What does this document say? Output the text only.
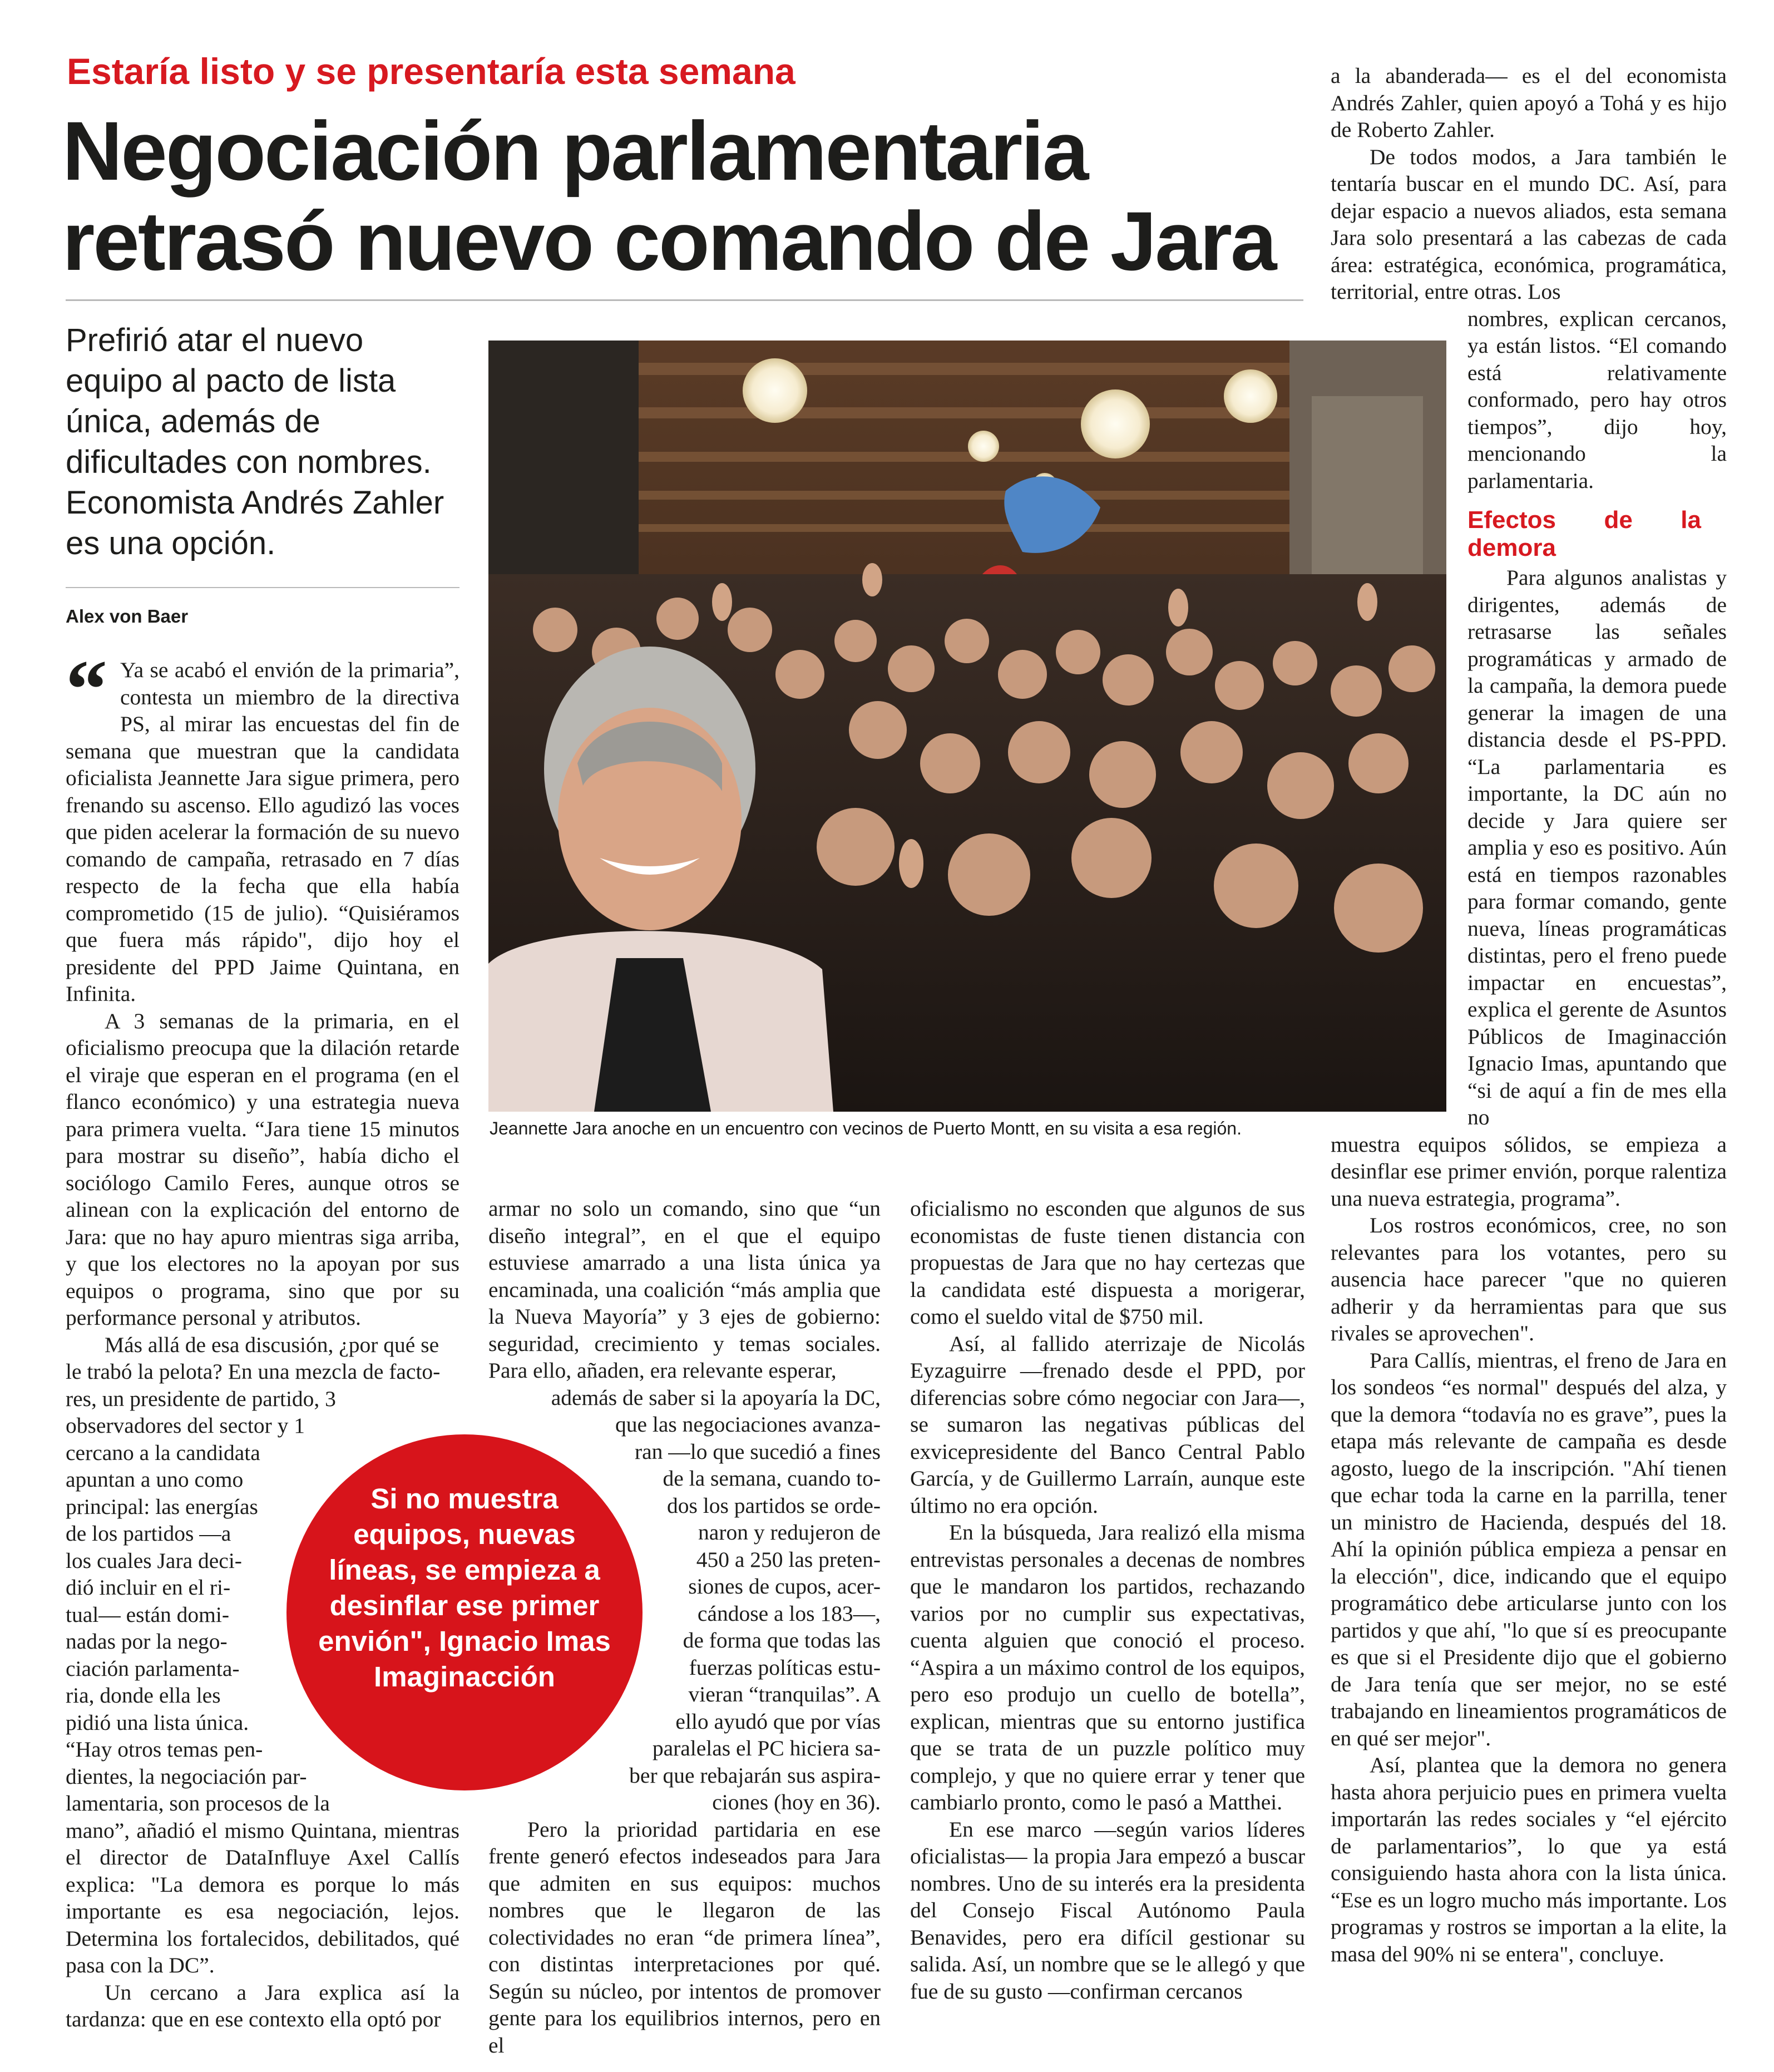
Estaría listo y se presentaría esta semana
Negociación parlamentaria
retrasó nuevo comando de Jara
Prefirió atar el nuevo equipo al pacto de lista única, además de dificultades con nombres. Economista Andrés Zahler es una opción.
Alex von Baer
Jeannette Jara anoche en un encuentro con vecinos de Puerto Montt, en su visita a esa región.

“ Ya se acabó el envión de la primaria”, contesta un miembro de la directiva PS, al mirar las encuestas del fin de semana que muestran que la candidata oficialista Jeannette Jara sigue primera, pero frenando su ascenso. Ello agudizó las voces que piden acelerar la formación de su nuevo comando de campaña, retrasado en 7 días respecto de la fecha que ella había comprometido (15 de julio). “Quisiéramos que fuera más rápido", dijo hoy el presidente del PPD Jaime Quintana, en Infinita.

A 3 semanas de la primaria, en el oficialismo preocupa que la dilación retarde el viraje que esperan en el programa (en el flanco económico) y una estrategia nueva para primera vuelta. “Jara tiene 15 minutos para mostrar su diseño”, había dicho el sociólogo Camilo Feres, aunque otros se alinean con la explicación del entorno de Jara: que no hay apuro mientras siga arriba, y que los electores no la apoyan por sus equipos o programa, sino que por su performance personal y atributos.

Más allá de esa discusión, ¿por qué se
le trabó la pelota? En una mezcla de facto-
res, un presidente de partido, 3
observadores del sector y 1
cercano a la candidata
apuntan a uno como
principal: las energías
de los partidos —a
los cuales Jara deci-
dió incluir en el ri-
tual— están domi-
nadas por la nego-
ciación parlamenta-
ria, donde ella les
pidió una lista única.
“Hay otros temas pen-
dientes, la negociación par-
lamentaria, son procesos de la

mano”, añadió el mismo Quintana, mientras el director de DataInfluye Axel Callís explica: "La demora es porque lo más importante es esa negociación, lejos. Determina los fortalecidos, debilitados, qué pasa con la DC”.

Un cercano a Jara explica así la tardanza: que en ese contexto ella optó por

armar no solo un comando, sino que “un diseño integral”, en el que el equipo estuviese amarrado a una lista única ya encaminada, una coalición “más amplia que la Nueva Mayoría” y 3 ejes de gobierno: seguridad, crecimiento y temas sociales. Para ello, añaden, era relevante esperar,

además de saber si la apoyaría la DC,
que las negociaciones avanza-
ran —lo que sucedió a fines
de la semana, cuando to-
dos los partidos se orde-
naron y redujeron de
450 a 250 las preten-
siones de cupos, acer-
cándose a los 183—,
de forma que todas las
fuerzas políticas estu-
vieran “tranquilas”. A
ello ayudó que por vías
paralelas el PC hiciera sa-
ber que rebajarán sus aspira-
ciones (hoy en 36).

Pero la prioridad partidaria en ese frente generó efectos indeseados para Jara que admiten en sus equipos: muchos nombres que le llegaron de las colectividades no eran “de primera línea”, con distintas interpretaciones por qué. Según su núcleo, por intentos de promover gente para los equilibrios internos, pero en el

oficialismo no esconden que algunos de sus economistas de fuste tienen distancia con propuestas de Jara que no hay certezas que la candidata esté dispuesta a morigerar, como el sueldo vital de $750 mil.

Así, al fallido aterrizaje de Nicolás Eyzaguirre —frenado desde el PPD, por diferencias sobre cómo negociar con Jara—, se sumaron las negativas públicas del exvicepresidente del Banco Central Pablo García, y de Guillermo Larraín, aunque este último no era opción.

En la búsqueda, Jara realizó ella misma entrevistas personales a decenas de nombres que le mandaron los partidos, rechazando varios por no cumplir sus expectativas, cuenta alguien que conoció el proceso. “Aspira a un máximo control de los equipos, pero eso produjo un cuello de botella”, explican, mientras que su entorno justifica que se trata de un puzzle político muy complejo, y que no quiere errar y tener que cambiarlo pronto, como le pasó a Matthei.

En ese marco —según varios líderes oficialistas— la propia Jara empezó a buscar nombres. Uno de su interés era la presidenta del Consejo Fiscal Autónomo Paula Benavides, pero era difícil gestionar su salida. Así, un nombre que se le allegó y que fue de su gusto —confirman cercanos

a la abanderada— es el del economista Andrés Zahler, quien apoyó a Tohá y es hijo de Roberto Zahler.

De todos modos, a Jara también le tentaría buscar en el mundo DC. Así, para dejar espacio a nuevos aliados, esta semana Jara solo presentará a las cabezas de cada área: estratégica, económica, programática, territorial, entre otras. Los

nombres, explican cercanos, ya están listos. “El comando está relativamente conformado, pero hay otros tiempos”, dijo hoy, mencionando la parlamentaria.

Efectos de la demora

Para algunos analistas y dirigentes, además de retrasarse las señales programáticas y armado de la campaña, la demora puede generar la imagen de una distancia desde el PS-PPD. “La parlamentaria es importante, la DC aún no decide y Jara quiere ser amplia y eso es positivo. Aún está en tiempos razonables para formar comando, gente nueva, líneas programáticas distintas, pero el freno puede impactar en encuestas”, explica el gerente de Asuntos Públicos de Imaginacción Ignacio Imas, apuntando que “si de aquí a fin de mes ella no

muestra equipos sólidos, se empieza a desinflar ese primer envión, porque ralentiza una nueva estrategia, programa”.

Los rostros económicos, cree, no son relevantes para los votantes, pero su ausencia hace parecer "que no quieren adherir y da herramientas para que sus rivales se aprovechen".

Para Callís, mientras, el freno de Jara en los sondeos “es normal" después del alza, y que la demora “todavía no es grave”, pues la etapa más relevante de campaña es desde agosto, luego de la inscripción. "Ahí tienen que echar toda la carne en la parrilla, tener un ministro de Hacienda, después del 18. Ahí la opinión pública empieza a pensar en la elección", dice, indicando que el equipo programático debe articularse junto con los partidos y que ahí, "lo que sí es preocupante es que si el Presidente dijo que el gobierno de Jara tenía que ser mejor, no se esté trabajando en lineamientos programáticos de en qué ser mejor".

Así, plantea que la demora no genera hasta ahora perjuicio pues en primera vuelta importarán las redes sociales y “el ejército de parlamentarios”, lo que ya está consiguiendo hasta ahora con la lista única. “Ese es un logro mucho más importante. Los programas y rostros se importan a la elite, la masa del 90% ni se entera", concluye.

Si no muestra equipos, nuevas líneas, se empieza a desinflar ese primer envión", Ignacio Imas Imaginacción
